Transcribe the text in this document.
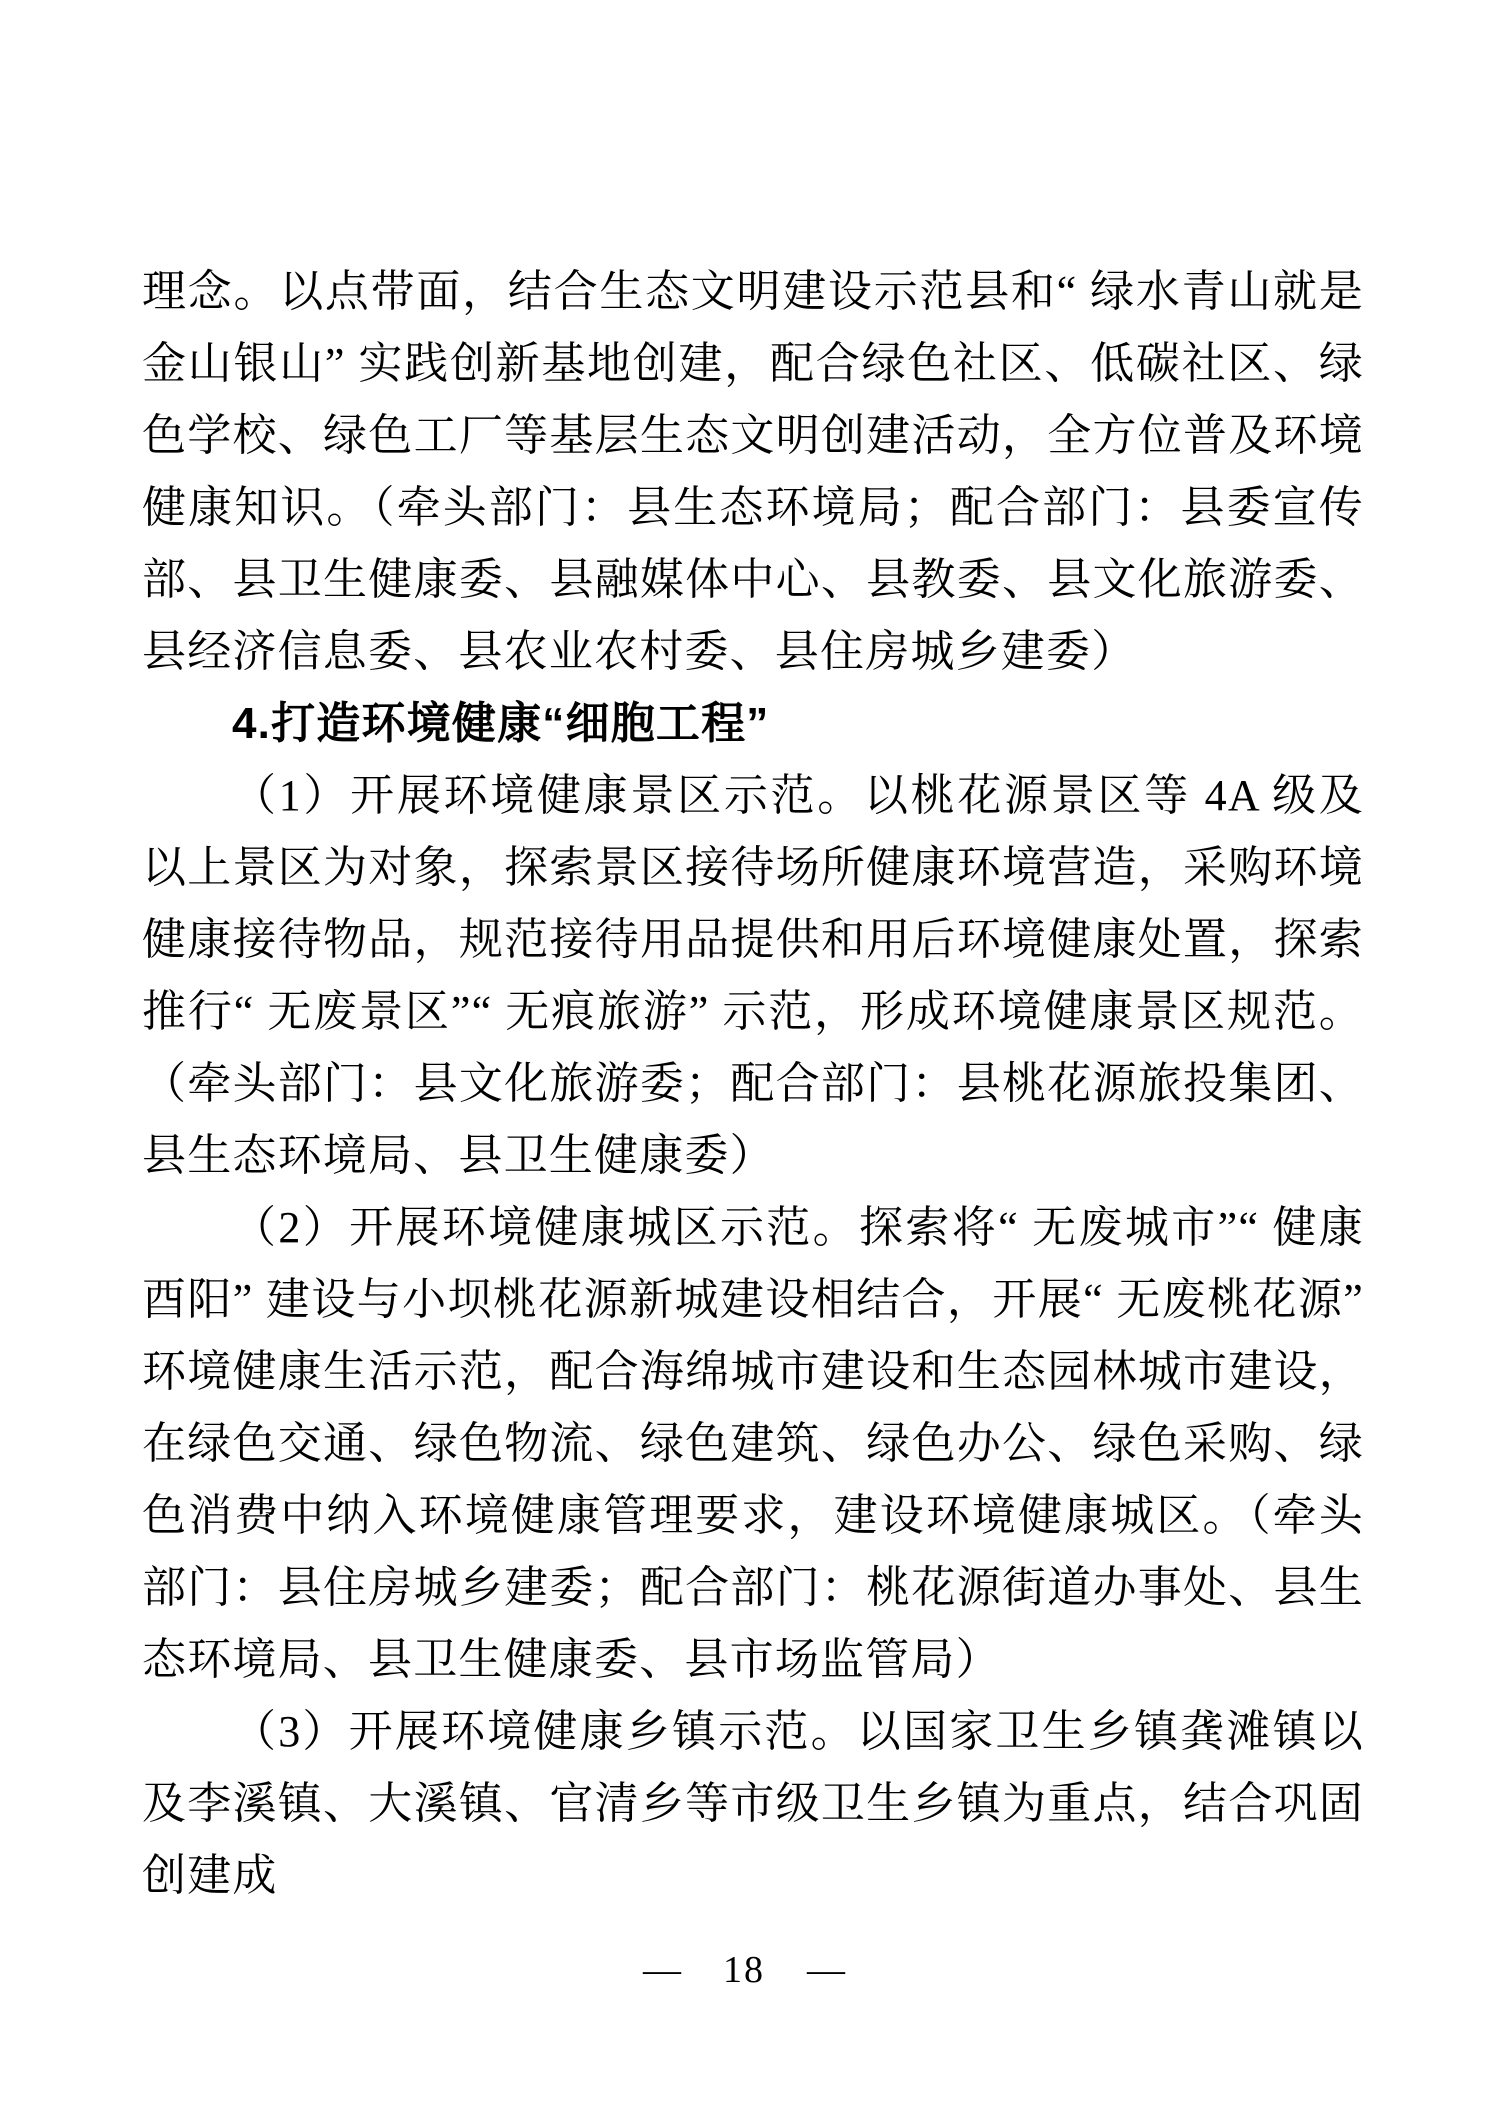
理念。以点带面，结合生态文明建设示范县和“ 绿水青山就是金山银山” 实践创新基地创建，配合绿色社区、低碳社区、绿色学校、绿色工厂等基层生态文明创建活动，全方位普及环境健康知识。（牵头部门：县生态环境局；配合部门：县委宣传部、县卫生健康委、县融媒体中心、县教委、县文化旅游委、县经济信息委、县农业农村委、县住房城乡建委）

4.打造环境健康“细胞工程”

（1）开展环境健康景区示范。以桃花源景区等 4A 级及以上景区为对象，探索景区接待场所健康环境营造，采购环境健康接待物品，规范接待用品提供和用后环境健康处置，探索推行“ 无废景区”“ 无痕旅游” 示范，形成环境健康景区规范。（牵头部门：县文化旅游委；配合部门：县桃花源旅投集团、县生态环境局、县卫生健康委）

（2）开展环境健康城区示范。探索将“ 无废城市”“ 健康酉阳” 建设与小坝桃花源新城建设相结合，开展“ 无废桃花源” 环境健康生活示范，配合海绵城市建设和生态园林城市建设，在绿色交通、绿色物流、绿色建筑、绿色办公、绿色采购、绿色消费中纳入环境健康管理要求，建设环境健康城区。（牵头部门：县住房城乡建委；配合部门：桃花源街道办事处、县生态环境局、县卫生健康委、县市场监管局）

（3）开展环境健康乡镇示范。以国家卫生乡镇龚滩镇以及李溪镇、大溪镇、官清乡等市级卫生乡镇为重点，结合巩固创建成

— 18 —
